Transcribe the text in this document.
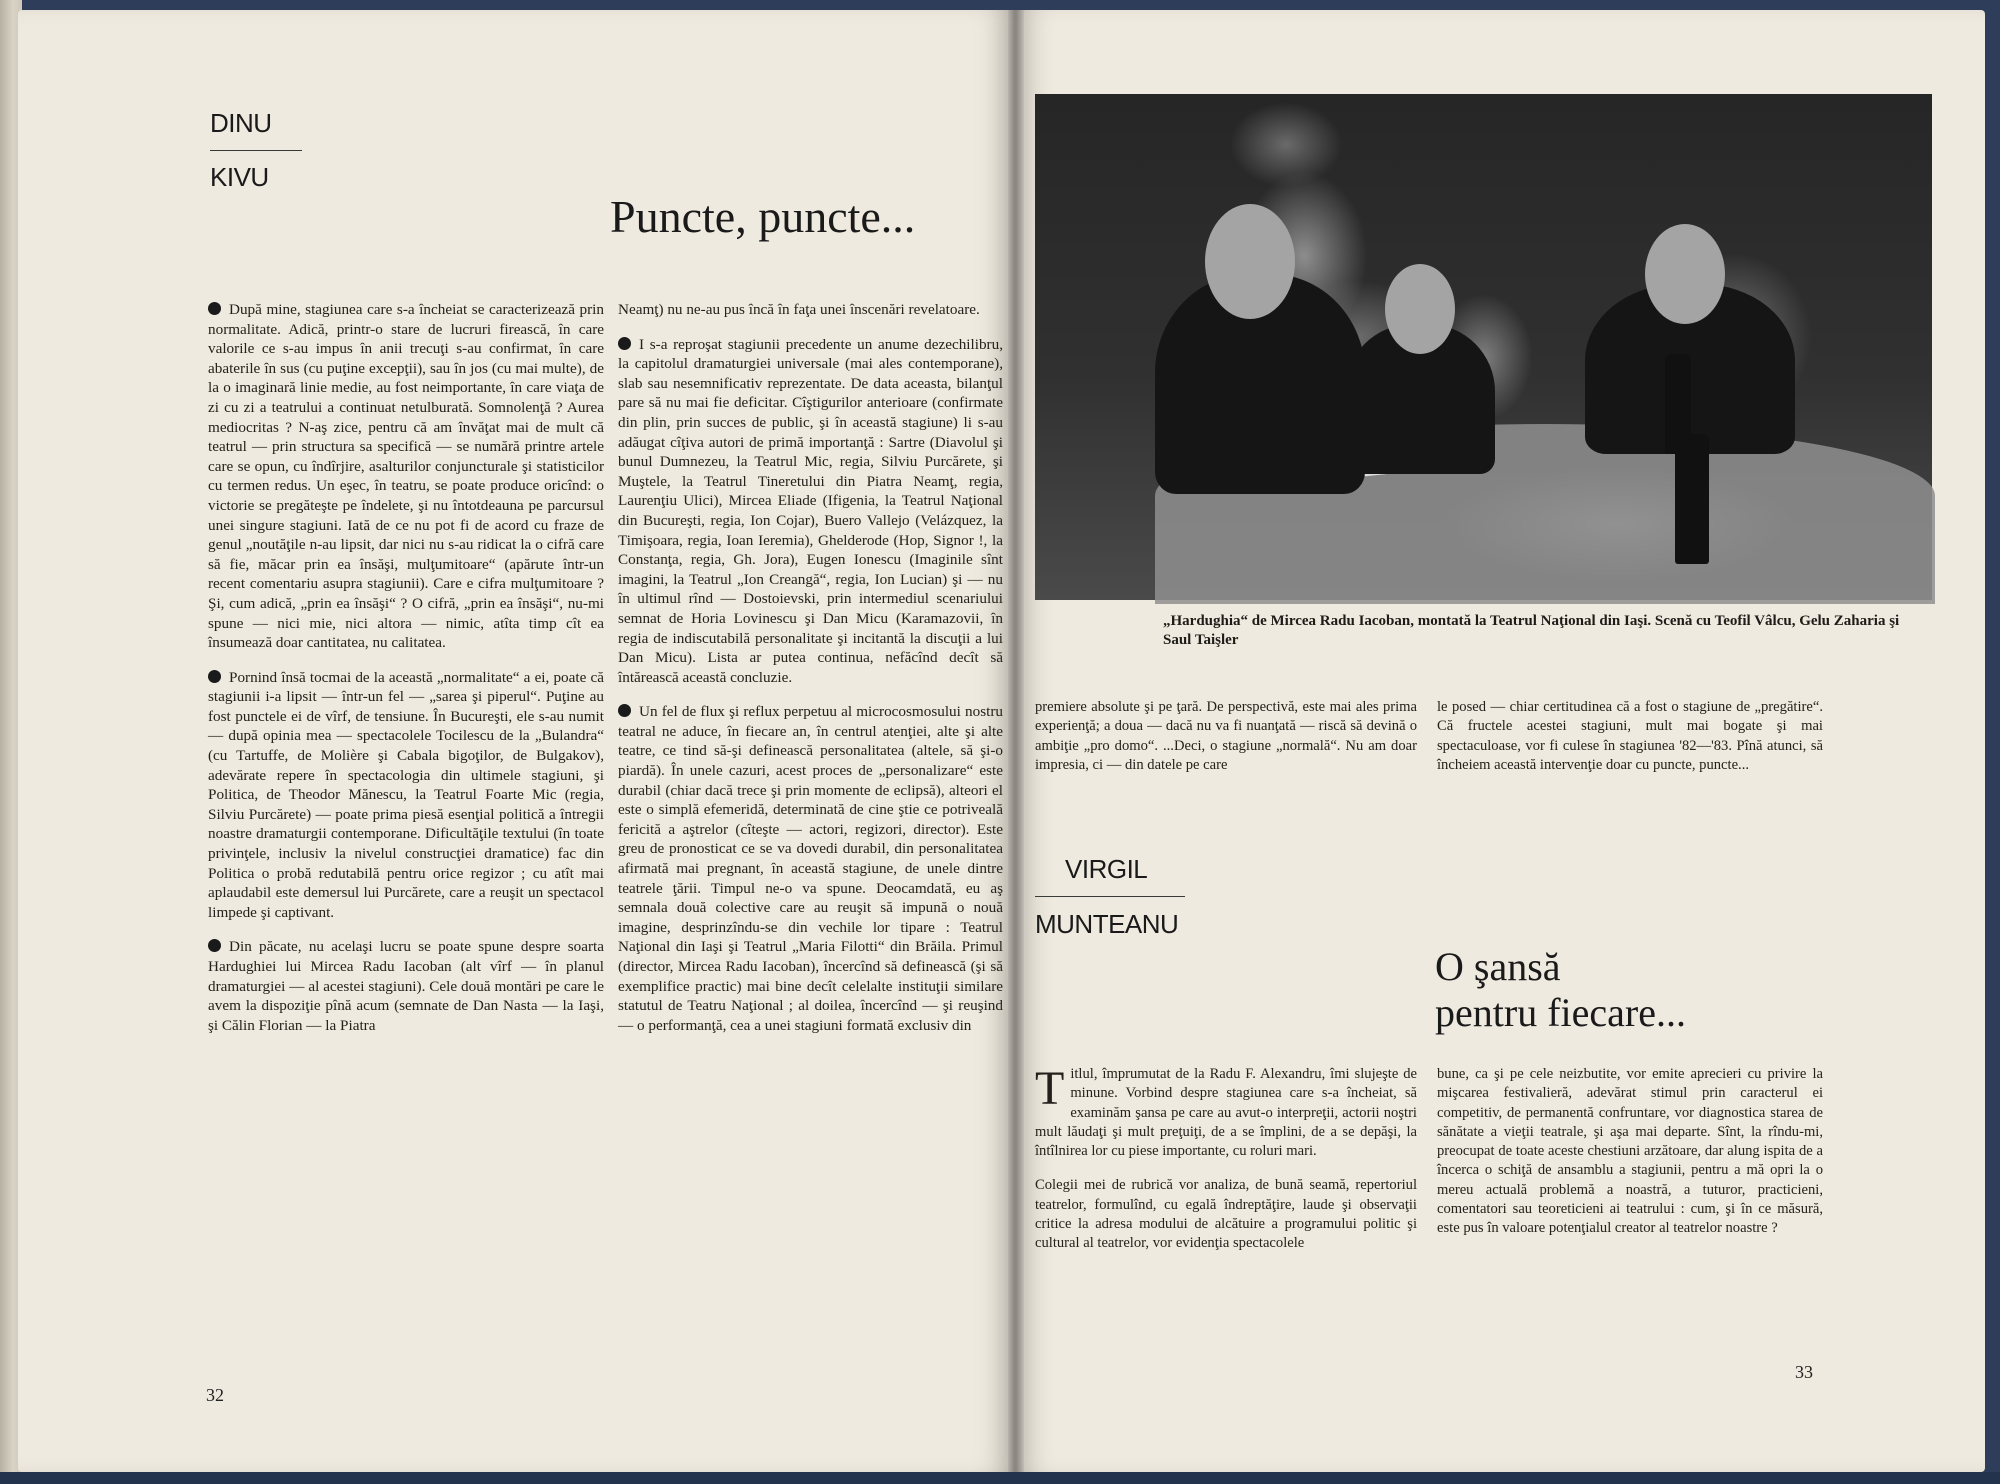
DINU
KIVU
Puncte, puncte...

După mine, stagiunea care s-a încheiat se caracterizează prin normalitate. Adică, printr-o stare de lucruri firească, în care valorile ce s-au impus în anii trecuţi s-au confirmat, în care abaterile în sus (cu puţine excepţii), sau în jos (cu mai multe), de la o imaginară linie medie, au fost neimportante, în care viaţa de zi cu zi a teatrului a continuat netulburată. Somnolenţă ? Aurea mediocritas ? N-aş zice, pentru că am învăţat mai de mult că teatrul — prin structura sa specifică — se numără printre artele care se opun, cu îndîrjire, asalturilor conjuncturale şi statisticilor cu termen redus. Un eşec, în teatru, se poate produce oricînd: o victorie se pregăteşte pe îndelete, şi nu întotdeauna pe parcursul unei singure stagiuni. Iată de ce nu pot fi de acord cu fraze de genul „noutăţile n-au lipsit, dar nici nu s-au ridicat la o cifră care să fie, măcar prin ea însăşi, mulţumitoare“ (apărute într-un recent comentariu asupra stagiunii). Care e cifra mulţumitoare ? Şi, cum adică, „prin ea însăşi“ ? O cifră, „prin ea însăşi“, nu-mi spune — nici mie, nici altora — nimic, atîta timp cît ea însumează doar cantitatea, nu calitatea.

Pornind însă tocmai de la această „normalitate“ a ei, poate că stagiunii i-a lipsit — într-un fel — „sarea şi piperul“. Puţine au fost punctele ei de vîrf, de tensiune. În Bucureşti, ele s-au numit — după opinia mea — spectacolele Tocilescu de la „Bulandra“ (cu Tartuffe, de Molière şi Cabala bigoţilor, de Bulgakov), adevărate repere în spectacologia din ultimele stagiuni, şi Politica, de Theodor Mănescu, la Teatrul Foarte Mic (regia, Silviu Purcărete) — poate prima piesă esenţial politică a întregii noastre dramaturgii contemporane. Dificultăţile textului (în toate privinţele, inclusiv la nivelul construcţiei dramatice) fac din Politica o probă redutabilă pentru orice regizor ; cu atît mai aplaudabil este demersul lui Purcărete, care a reuşit un spectacol limpede şi captivant.

Din păcate, nu acelaşi lucru se poate spune despre soarta Hardughiei lui Mircea Radu Iacoban (alt vîrf — în planul dramaturgiei — al acestei stagiuni). Cele două montări pe care le avem la dispoziţie pînă acum (semnate de Dan Nasta — la Iaşi, şi Călin Florian — la Piatra

Neamţ) nu ne-au pus încă în faţa unei înscenări revelatoare.

I s-a reproşat stagiunii precedente un anume dezechilibru, la capitolul dramaturgiei universale (mai ales contemporane), slab sau nesemnificativ reprezentate. De data aceasta, bilanţul pare să nu mai fie deficitar. Cîştigurilor anterioare (confirmate din plin, prin succes de public, şi în această stagiune) li s-au adăugat cîţiva autori de primă importanţă : Sartre (Diavolul şi bunul Dumnezeu, la Teatrul Mic, regia, Silviu Purcărete, şi Muştele, la Teatrul Tineretului din Piatra Neamţ, regia, Laurenţiu Ulici), Mircea Eliade (Ifigenia, la Teatrul Naţional din Bucureşti, regia, Ion Cojar), Buero Vallejo (Velázquez, la Timişoara, regia, Ioan Ieremia), Ghelderode (Hop, Signor !, la Constanţa, regia, Gh. Jora), Eugen Ionescu (Imaginile sînt imagini, la Teatrul „Ion Creangă“, regia, Ion Lucian) şi — nu în ultimul rînd — Dostoievski, prin intermediul scenariului semnat de Horia Lovinescu şi Dan Micu (Karamazovii, în regia de indiscutabilă personalitate şi incitantă la discuţii a lui Dan Micu). Lista ar putea continua, nefăcînd decît să întărească această concluzie.

Un fel de flux şi reflux perpetuu al microcosmosului nostru teatral ne aduce, în fiecare an, în centrul atenţiei, alte şi alte teatre, ce tind să-şi definească personalitatea (altele, să şi-o piardă). În unele cazuri, acest proces de „personalizare“ este durabil (chiar dacă trece şi prin momente de eclipsă), alteori el este o simplă efemeridă, determinată de cine ştie ce potriveală fericită a aştrelor (cîteşte — actori, regizori, director). Este greu de pronosticat ce se va dovedi durabil, din personalitatea afirmată mai pregnant, în această stagiune, de unele dintre teatrele ţării. Timpul ne-o va spune. Deocamdată, eu aş semnala două colective care au reuşit să impună o nouă imagine, desprinzîndu-se din vechile lor tipare : Teatrul Naţional din Iaşi şi Teatrul „Maria Filotti“ din Brăila. Primul (director, Mircea Radu Iacoban), încercînd să definească (şi să exemplifice practic) mai bine decît celelalte instituţii similare statutul de Teatru Naţional ; al doilea, încercînd — şi reuşind — o performanţă, cea a unei stagiuni formată exclusiv din

32
„Hardughia“ de Mircea Radu Iacoban, montată la Teatrul Naţional din Iaşi. Scenă cu Teofil Vâlcu, Gelu Zaharia şi Saul Taişler
premiere absolute şi pe ţară. De perspectivă, este mai ales prima experienţă; a doua — dacă nu va fi nuanţată — riscă să devină o ambiţie „pro domo“. ...Deci, o stagiune „normală“. Nu am doar impresia, ci — din datele pe care
le posed — chiar certitudinea că a fost o stagiune de „pregătire“. Că fructele acestei stagiuni, mult mai bogate şi mai spectaculoase, vor fi culese în stagiunea '82—'83. Pînă atunci, să încheiem această intervenţie doar cu puncte, puncte...
VIRGIL
MUNTEANU
O şansă
pentru fiecare...

Titlul, împrumutat de la Radu F. Alexandru, îmi slujeşte de minune. Vorbind despre stagiunea care s-a încheiat, să examinăm şansa pe care au avut-o interpreţii, actorii noştri mult lăudaţi şi mult preţuiţi, de a se împlini, de a se depăşi, la întîlnirea lor cu piese importante, cu roluri mari.

Colegii mei de rubrică vor analiza, de bună seamă, repertoriul teatrelor, formulînd, cu egală îndreptăţire, laude şi observaţii critice la adresa modului de alcătuire a programului politic şi cultural al teatrelor, vor evidenţia spectacolele

bune, ca şi pe cele neizbutite, vor emite aprecieri cu privire la mişcarea festivalieră, adevărat stimul prin caracterul ei competitiv, de permanentă confruntare, vor diagnostica starea de sănătate a vieţii teatrale, şi aşa mai departe. Sînt, la rîndu-mi, preocupat de toate aceste chestiuni arzătoare, dar alung ispita de a încerca o schiţă de ansamblu a stagiunii, pentru a mă opri la o mereu actuală problemă a noastră, a tuturor, practicieni, comentatori sau teoreticieni ai teatrului : cum, şi în ce măsură, este pus în valoare potenţialul creator al teatrelor noastre ?
33
